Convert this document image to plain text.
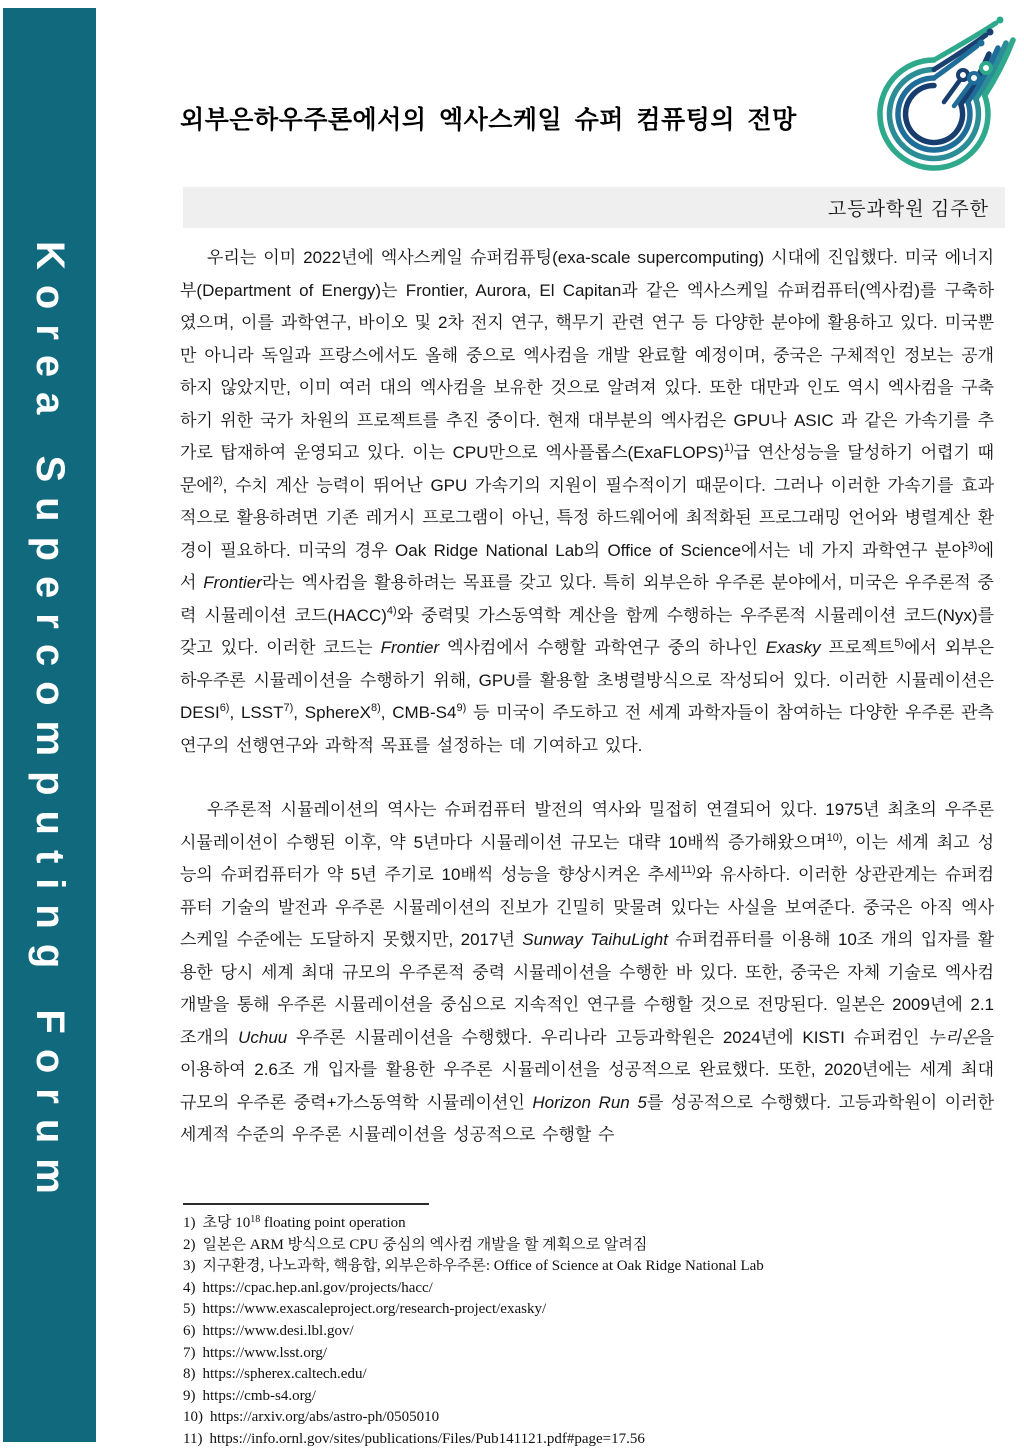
Korea Supercomputing Forum
외부은하우주론에서의 엑사스케일 슈퍼 컴퓨팅의 전망
고등과학원 김주한

우리는 이미 2022년에 엑사스케일 슈퍼컴퓨팅(exa-scale supercomputing) 시대에 진입했다. 미국 에너지부(Department of Energy)는 Frontier, Aurora, El Capitan과 같은 엑사스케일 슈퍼컴퓨터(엑사컴)를 구축하였으며, 이를 과학연구, 바이오 및 2차 전지 연구, 핵무기 관련 연구 등 다양한 분야에 활용하고 있다. 미국뿐만 아니라 독일과 프랑스에서도 올해 중으로 엑사컴을 개발 완료할 예정이며, 중국은 구체적인 정보는 공개하지 않았지만, 이미 여러 대의 엑사컴을 보유한 것으로 알려져 있다. 또한 대만과 인도 역시 엑사컴을 구축하기 위한 국가 차원의 프로젝트를 추진 중이다. 현재 대부분의 엑사컴은 GPU나 ASIC 과 같은 가속기를 추가로 탑재하여 운영되고 있다. 이는 CPU만으로 엑사플롭스(ExaFLOPS)$^{1)}$급 연산성능을 달성하기 어렵기 때문에$^{2)}$, 수치 계산 능력이 뛰어난 GPU 가속기의 지원이 필수적이기 때문이다. 그러나 이러한 가속기를 효과적으로 활용하려면 기존 레거시 프로그램이 아닌, 특정 하드웨어에 최적화된 프로그래밍 언어와 병렬계산 환경이 필요하다. 미국의 경우 Oak Ridge National Lab의 Office of Science에서는 네 가지 과학연구 분야$^{3)}$에서 Frontier라는 엑사컴을 활용하려는 목표를 갖고 있다. 특히 외부은하 우주론 분야에서, 미국은 우주론적 중력 시뮬레이션 코드(HACC)$^{4)}$와 중력및 가스동역학 계산을 함께 수행하는 우주론적 시뮬레이션 코드(Nyx)를 갖고 있다. 이러한 코드는 Frontier 엑사컴에서 수행할 과학연구 중의 하나인 Exasky 프로젝트$^{5)}$에서 외부은하우주론 시뮬레이션을 수행하기 위해, GPU를 활용할 초병렬방식으로 작성되어 있다. 이러한 시뮬레이션은 DESI$^{6)}$, LSST$^{7)}$, SphereX$^{8)}$, CMB-S4$^{9)}$ 등 미국이 주도하고 전 세계 과학자들이 참여하는 다양한 우주론 관측 연구의 선행연구와 과학적 목표를 설정하는 데 기여하고 있다.

우주론적 시뮬레이션의 역사는 슈퍼컴퓨터 발전의 역사와 밀접히 연결되어 있다. 1975년 최초의 우주론 시뮬레이션이 수행된 이후, 약 5년마다 시뮬레이션 규모는 대략 10배씩 증가해왔으며$^{10)}$, 이는 세계 최고 성능의 슈퍼컴퓨터가 약 5년 주기로 10배씩 성능을 향상시켜온 추세$^{11)}$와 유사하다. 이러한 상관관계는 슈퍼컴퓨터 기술의 발전과 우주론 시뮬레이션의 진보가 긴밀히 맞물려 있다는 사실을 보여준다. 중국은 아직 엑사스케일 수준에는 도달하지 못했지만, 2017년 Sunway TaihuLight 슈퍼컴퓨터를 이용해 10조 개의 입자를 활용한 당시 세계 최대 규모의 우주론적 중력 시뮬레이션을 수행한 바 있다. 또한, 중국은 자체 기술로 엑사컴 개발을 통해 우주론 시뮬레이션을 중심으로 지속적인 연구를 수행할 것으로 전망된다. 일본은 2009년에 2.1조개의 Uchuu 우주론 시뮬레이션을 수행했다. 우리나라 고등과학원은 2024년에 KISTI 슈퍼컴인 누리온을 이용하여 2.6조 개 입자를 활용한 우주론 시뮬레이션을 성공적으로 완료했다. 또한, 2020년에는 세계 최대 규모의 우주론 중력+가스동역학 시뮬레이션인 Horizon Run 5를 성공적으로 수행했다. 고등과학원이 이러한 세계적 수준의 우주론 시뮬레이션을 성공적으로 수행할 수

1) 초당 $10^{18}$ floating point operation
2) 일본은 ARM 방식으로 CPU 중심의 엑사컴 개발을 할 계획으로 알려짐
3) 지구환경, 나노과학, 핵융합, 외부은하우주론: Office of Science at Oak Ridge National Lab
4) https://cpac.hep.anl.gov/projects/hacc/
5) https://www.exascaleproject.org/research-project/exasky/
6) https://www.desi.lbl.gov/
7) https://www.lsst.org/
8) https://spherex.caltech.edu/
9) https://cmb-s4.org/
10) https://arxiv.org/abs/astro-ph/0505010
11) https://info.ornl.gov/sites/publications/Files/Pub141121.pdf#page=17.56
